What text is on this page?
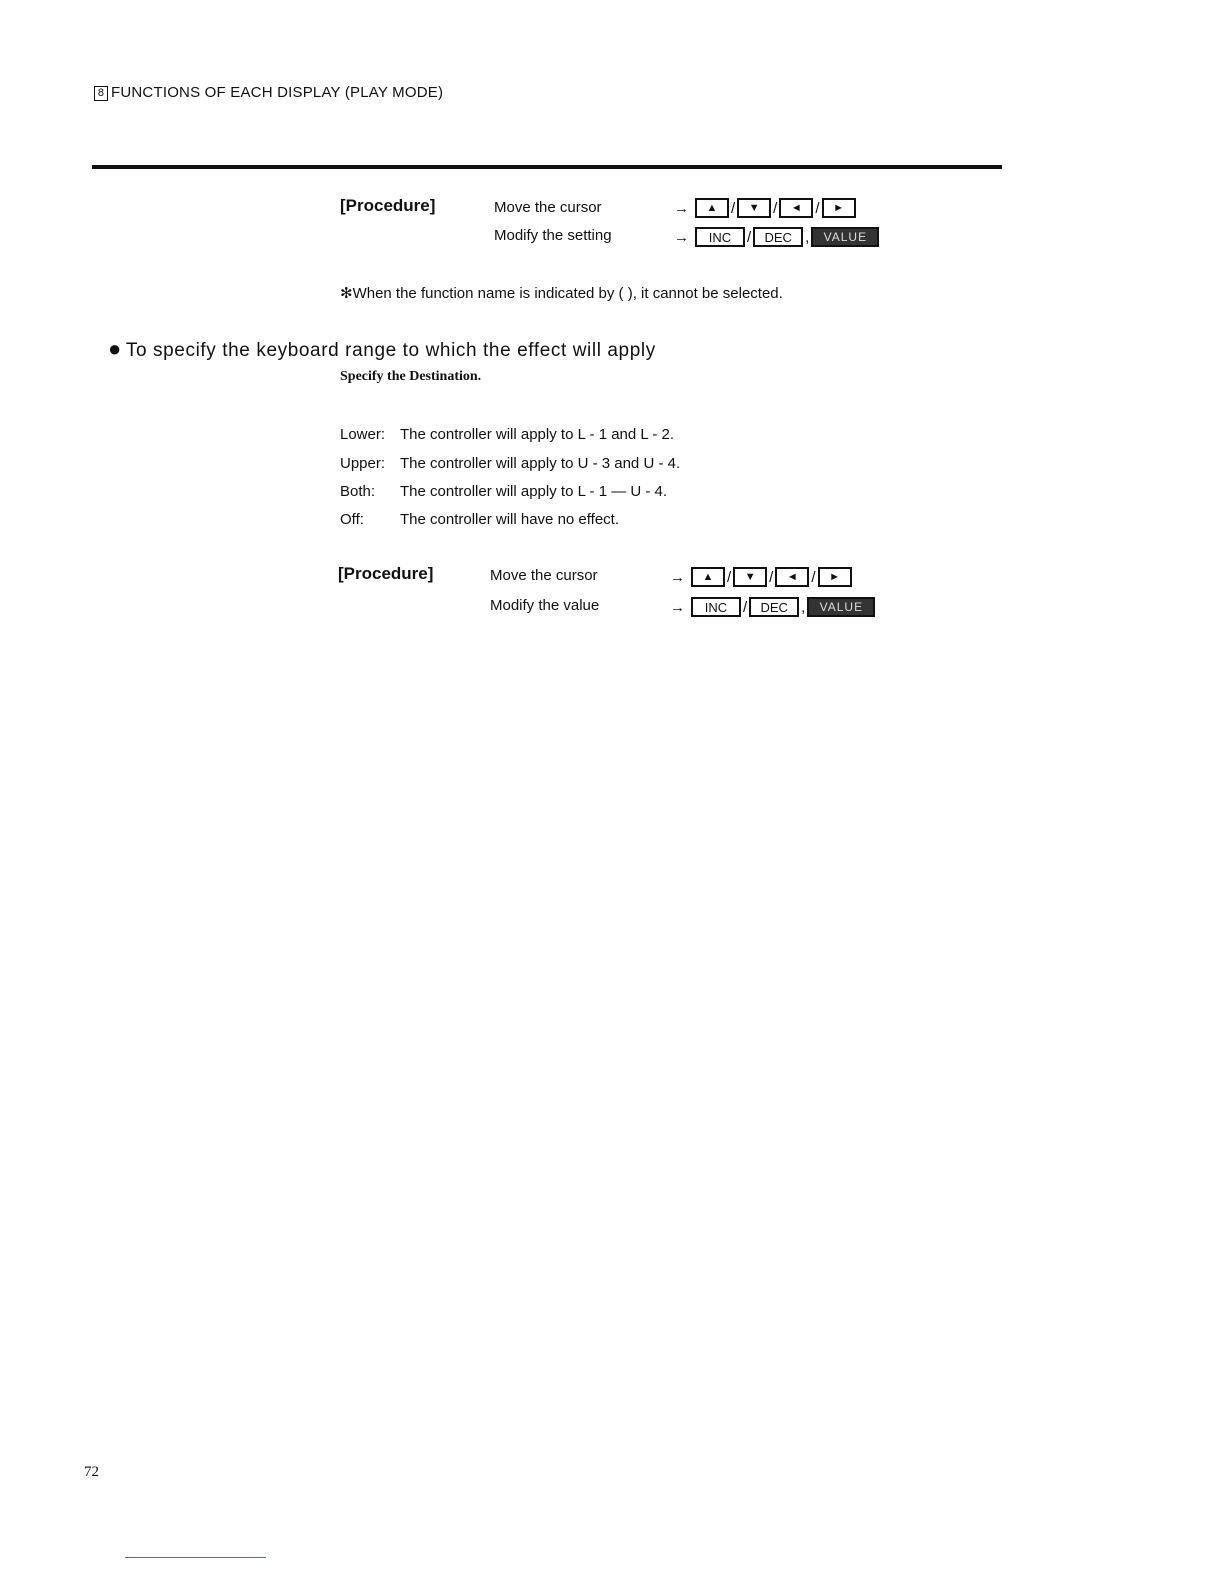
8 FUNCTIONS OF EACH DISPLAY (PLAY MODE)
[Procedure]	Move the cursor	→	▲ /	▼ /	◄ /	►
Modify the setting	→	INC	/	DEC ,	VALUE
✻When the function name is indicated by ( ), it cannot be selected.
● To specify the keyboard range to which the effect will apply
Specify the Destination.
Lower: The controller will apply to L - 1 and L - 2.
Upper: The controller will apply to U - 3 and U - 4.
Both: The controller will apply to L - 1 — U - 4.
Off: The controller will have no effect.
[Procedure]	Move the cursor	→	▲ /	▼ /	◄ /	►
Modify the value	→	INC	/	DEC ,	VALUE
72
